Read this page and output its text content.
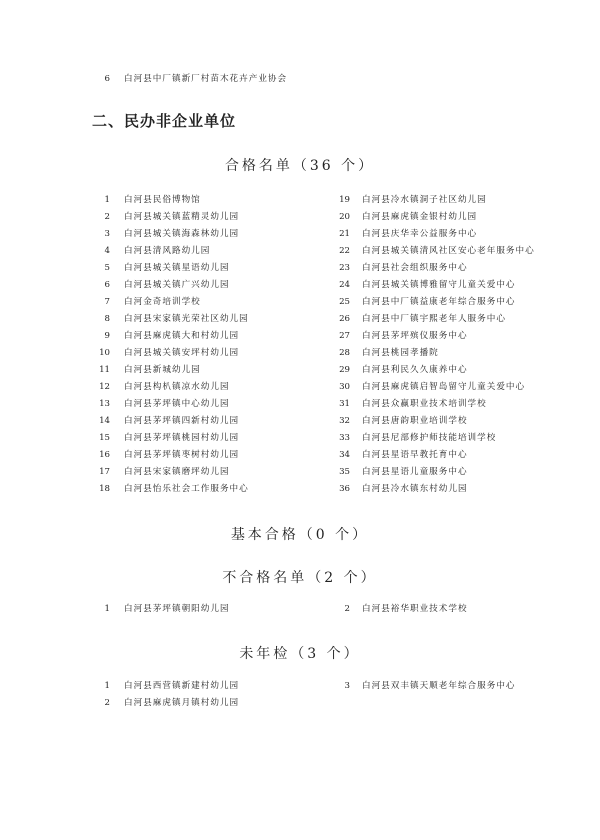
6 白河县中厂镇新厂村苗木花卉产业协会
二、民办非企业单位
合格名单（36 个）
1 白河县民俗博物馆
2 白河县城关镇蓝精灵幼儿园
3 白河县城关镇海森林幼儿园
4 白河县清风路幼儿园
5 白河县城关镇星语幼儿园
6 白河县城关镇广兴幼儿园
7 白河金奇培训学校
8 白河县宋家镇光荣社区幼儿园
9 白河县麻虎镇大和村幼儿园
10 白河县城关镇安坪村幼儿园
11 白河县新城幼儿园
12 白河县构朳镇凉水幼儿园
13 白河县茅坪镇中心幼儿园
14 白河县茅坪镇四新村幼儿园
15 白河县茅坪镇桃园村幼儿园
16 白河县茅坪镇枣树村幼儿园
17 白河县宋家镇磨坪幼儿园
18 白河县怡乐社会工作服务中心
19 白河县冷水镇洞子社区幼儿园
20 白河县麻虎镇金银村幼儿园
21 白河县庆华幸公益服务中心
22 白河县城关镇清风社区安心老年服务中心
23 白河县社会组织服务中心
24 白河县城关镇博雅留守儿童关爱中心
25 白河县中厂镇益康老年综合服务中心
26 白河县中厂镇宇熙老年人服务中心
27 白河县茅坪殡仪服务中心
28 白河县桃园孝播院
29 白河县利民久久康养中心
30 白河县麻虎镇启智岛留守儿童关爱中心
31 白河县众赢职业技术培训学校
32 白河县唐韵职业培训学校
33 白河县尼部修护师技能培训学校
34 白河县星语早教托育中心
35 白河县星语儿童服务中心
36 白河县冷水镇东村幼儿园
基本合格（0 个）
不合格名单（2 个）
1 白河县茅坪镇朝阳幼儿园	2 白河县裕华职业技术学校
未年检（3 个）
1 白河县西营镇新建村幼儿园
2 白河县麻虎镇月镇村幼儿园
3 白河县双丰镇天顺老年综合服务中心
